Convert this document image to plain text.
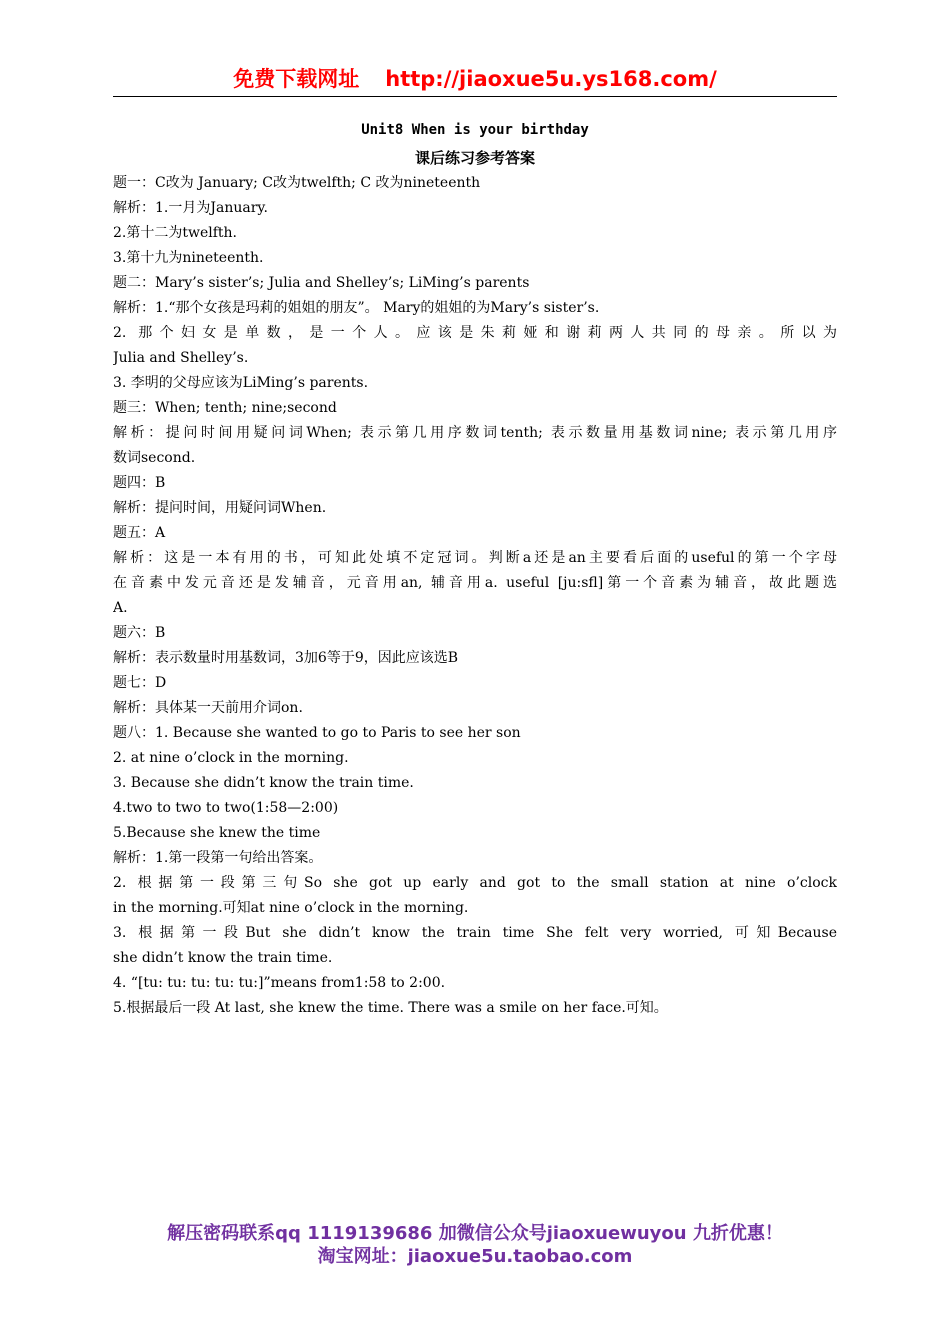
免费下载网址 http://jiaoxue5u.ys168.com/
Unit8 When is your birthday
课后练习参考答案
题一：C改为 January; C改为twelfth; C 改为nineteenth
解析：1.一月为January.
2.第十二为twelfth.
3.第十九为nineteenth.
题二：Mary’s sister’s; Julia and Shelley’s; LiMing’s parents
解析：1.“那个女孩是玛莉的姐姐的朋友”。 Mary的姐姐的为Mary’s sister’s.
2. 那个妇女是单数，是一个人。应该是朱莉娅和谢莉两人共同的母亲。所以为
Julia and Shelley’s.
3. 李明的父母应该为LiMing’s parents.
题三：When; tenth; nine;second
解析：提问时间用疑问词When; 表示第几用序数词tenth; 表示数量用基数词nine; 表示第几用序
数词second.
题四：B
解析：提问时间，用疑问词When.
题五：A
解析：这是一本有用的书，可知此处填不定冠词。判断a还是an主要看后面的useful的第一个字母
在音素中发元音还是发辅音，元音用an, 辅音用a. useful [ju:sfl]第一个音素为辅音，故此题选
A.
题六：B
解析：表示数量时用基数词，3加6等于9，因此应该选B
题七：D
解析：具体某一天前用介词on.
题八：1. Because she wanted to go to Paris to see her son
2. at nine o’clock in the morning.
3. Because she didn’t know the train time.
4.two to two to two(1:58—2:00)
5.Because she knew the time
解析：1.第一段第一句给出答案。
2. 根据第一段第三句So she got up early and got to the small station at nine o’clock
in the morning.可知at nine o’clock in the morning.
3. 根据第一段But she didn’t know the train time She felt very worried, 可知Because
she didn’t know the train time.
4. “[tu: tu: tu: tu: tu:]”means from1:58 to 2:00.
5.根据最后一段 At last, she knew the time. There was a smile on her face.可知。
解压密码联系qq 1119139686 加微信公众号jiaoxuewuyou 九折优惠！
淘宝网址：jiaoxue5u.taobao.com
